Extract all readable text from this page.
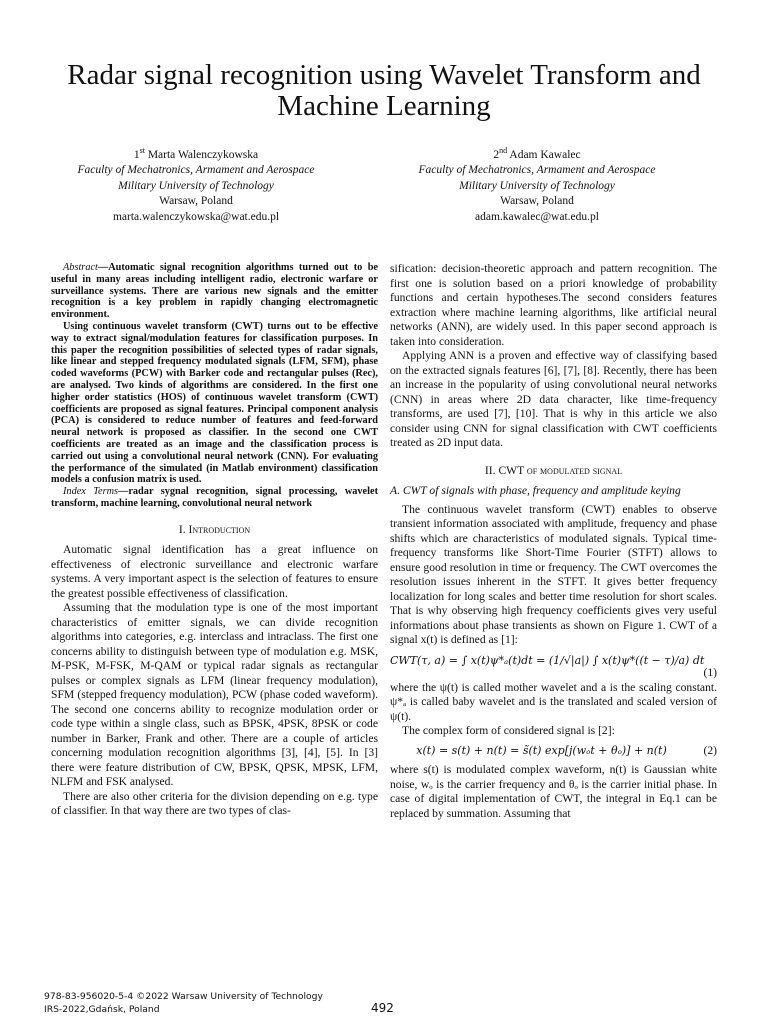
Radar signal recognition using Wavelet Transform and Machine Learning
1st Marta Walenczykowska
Faculty of Mechatronics, Armament and Aerospace
Military University of Technology
Warsaw, Poland
marta.walenczykowska@wat.edu.pl
2nd Adam Kawalec
Faculty of Mechatronics, Armament and Aerospace
Military University of Technology
Warsaw, Poland
adam.kawalec@wat.edu.pl

Abstract—Automatic signal recognition algorithms turned out to be useful in many areas including intelligent radio, electronic warfare or surveillance systems. There are various new signals and the emitter recognition is a key problem in rapidly changing electromagnetic environment.

Using continuous wavelet transform (CWT) turns out to be effective way to extract signal/modulation features for classification purposes. In this paper the recognition possibilities of selected types of radar signals, like linear and stepped frequency modulated signals (LFM, SFM), phase coded waveforms (PCW) with Barker code and rectangular pulses (Rec), are analysed. Two kinds of algorithms are considered. In the first one higher order statistics (HOS) of continuous wavelet transform (CWT) coefficients are proposed as signal features. Principal component analysis (PCA) is considered to reduce number of features and feed-forward neural network is proposed as classifier. In the second one CWT coefficients are treated as an image and the classification process is carried out using a convolutional neural network (CNN). For evaluating the performance of the simulated (in Matlab environment) classification models a confusion matrix is used.

Index Terms—radar sygnal recognition, signal processing, wavelet transform, machine learning, convolutional neural network

I. Introduction

Automatic signal identification has a great influence on effectiveness of electronic surveillance and electronic warfare systems. A very important aspect is the selection of features to ensure the greatest possible effectiveness of classification.

Assuming that the modulation type is one of the most important characteristics of emitter signals, we can divide recognition algorithms into categories, e.g. interclass and intraclass. The first one concerns ability to distinguish between type of modulation e.g. MSK, M-PSK, M-FSK, M-QAM or typical radar signals as rectangular pulses or complex signals as LFM (linear frequency modulation), SFM (stepped frequency modulation), PCW (phase coded waveform). The second one concerns ability to recognize modulation order or code type within a single class, such as BPSK, 4PSK, 8PSK or code number in Barker, Frank and other. There are a couple of articles concerning modulation recognition algorithms [3], [4], [5]. In [3] there were feature distribution of CW, BPSK, QPSK, MPSK, LFM, NLFM and FSK analysed.

There are also other criteria for the division depending on e.g. type of classifier. In that way there are two types of clas-

sification: decision-theoretic approach and pattern recognition. The first one is solution based on a priori knowledge of probability functions and certain hypotheses.The second considers features extraction where machine learning algorithms, like artificial neural networks (ANN), are widely used. In this paper second approach is taken into consideration.

Applying ANN is a proven and effective way of classifying based on the extracted signals features [6], [7], [8]. Recently, there has been an increase in the popularity of using convolutional neural networks (CNN) in areas where 2D data character, like time-frequency transforms, are used [7], [10]. That is why in this article we also consider using CNN for signal classification with CWT coefficients treated as 2D input data.

II. CWT of modulated signal
A. CWT of signals with phase, frequency and amplitude keying

The continuous wavelet transform (CWT) enables to observe transient information associated with amplitude, frequency and phase shifts which are characteristics of modulated signals. Typical time-frequency transforms like Short-Time Fourier (STFT) allows to ensure good resolution in time or frequency. The CWT overcomes the resolution issues inherent in the STFT. It gives better frequency localization for long scales and better time resolution for short scales. That is why observing high frequency coefficients gives very useful informations about phase transients as shown on Figure 1. CWT of a signal x(t) is defined as [1]:

CWT(τ, a) = ∫ x(t)ψ*ₐ(t)dt = (1/√|a|) ∫ x(t)ψ*((t − τ)/a) dt
(1)

where the ψ(t) is called mother wavelet and a is the scaling constant. ψ*ₐ is called baby wavelet and is the translated and scaled version of ψ(t).

The complex form of considered signal is [2]:

x(t) = s(t) + n(t) = s̃(t) exp[j(wₒt + θₒ)] + n(t)	(2)

where s(t) is modulated complex waveform, n(t) is Gaussian white noise, wₒ is the carrier frequency and θₒ is the carrier initial phase. In case of digital implementation of CWT, the integral in Eq.1 can be replaced by summation. Assuming that

978-83-956020-5-4 ©2022 Warsaw University of Technology
IRS-2022,Gdańsk, Poland	492
